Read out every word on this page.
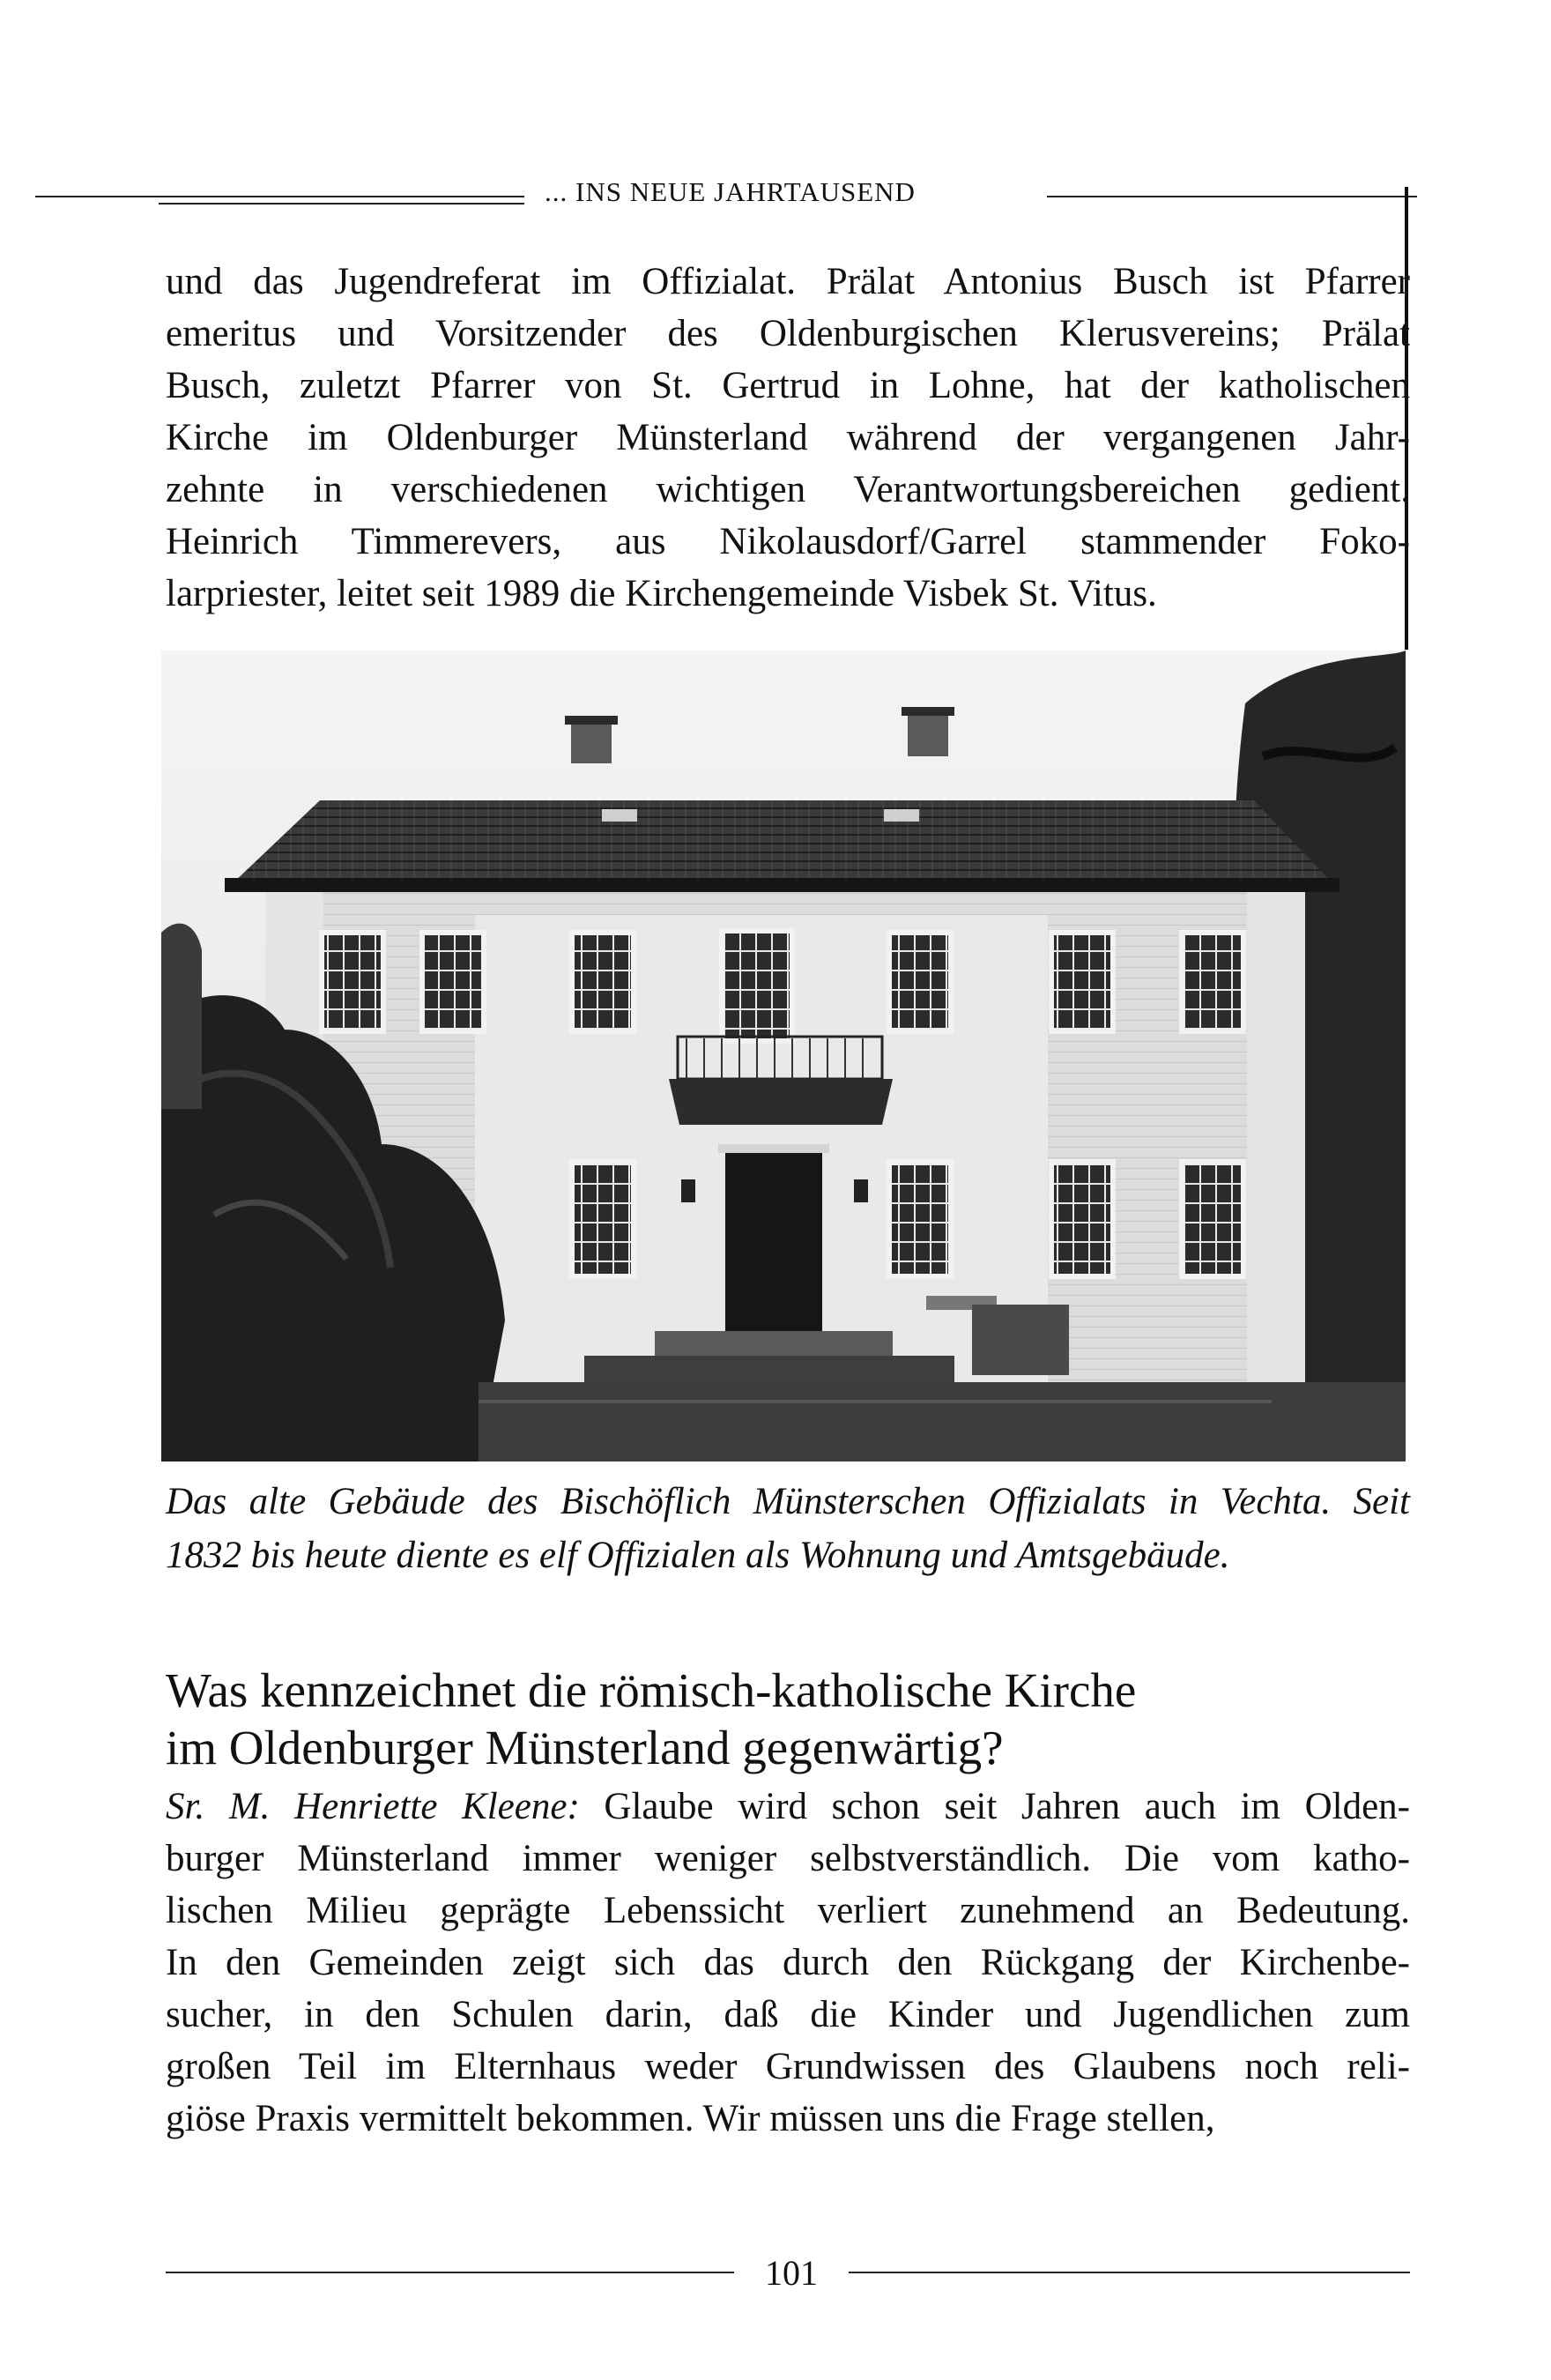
... INS NEUE JAHRTAUSEND
und das Jugendreferat im Offizialat. Prälat Antonius Busch ist Pfarrer
emeritus und Vorsitzender des Oldenburgischen Klerusvereins; Prälat
Busch, zuletzt Pfarrer von St. Gertrud in Lohne, hat der katholischen
Kirche im Oldenburger Münsterland während der vergangenen Jahr-
zehnte in verschiedenen wichtigen Verantwortungsbereichen gedient.
Heinrich Timmerevers, aus Nikolausdorf/Garrel stammender Foko-
larpriester, leitet seit 1989 die Kirchengemeinde Visbek St. Vitus.
Das alte Gebäude des Bischöflich Münsterschen Offizialats in Vechta. Seit
1832 bis heute diente es elf Offizialen als Wohnung und Amtsgebäude.
Was kennzeichnet die römisch-katholische Kirche
im Oldenburger Münsterland gegenwärtig?
Sr. M. Henriette Kleene: Glaube wird schon seit Jahren auch im Olden-
burger Münsterland immer weniger selbstverständlich. Die vom katho-
lischen Milieu geprägte Lebenssicht verliert zunehmend an Bedeutung.
In den Gemeinden zeigt sich das durch den Rückgang der Kirchenbe-
sucher, in den Schulen darin, daß die Kinder und Jugendlichen zum
großen Teil im Elternhaus weder Grundwissen des Glaubens noch reli-
giöse Praxis vermittelt bekommen. Wir müssen uns die Frage stellen,
101
